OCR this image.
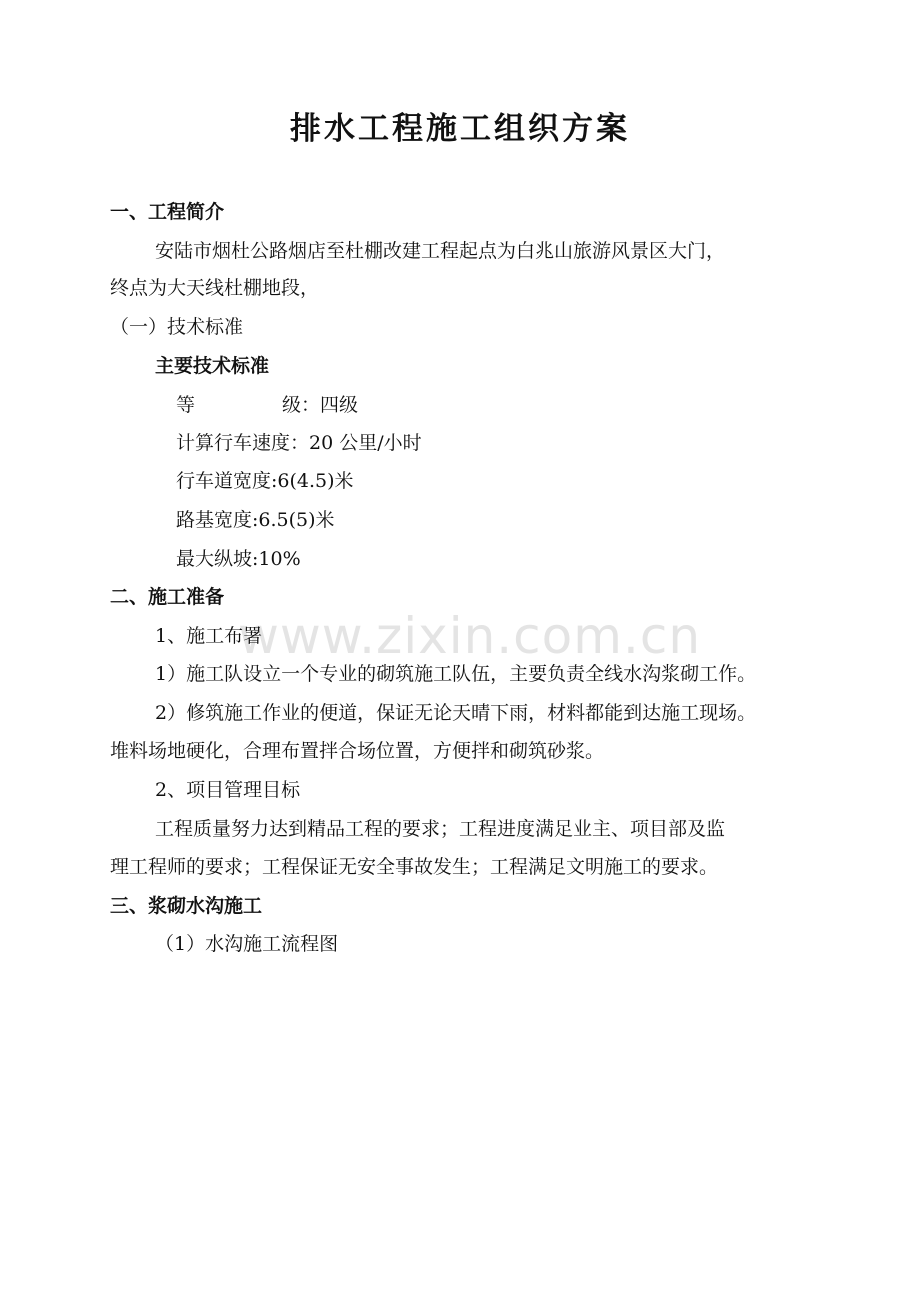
www.zixin.com.cn
排水工程施工组织方案
一、工程简介
安陆市烟杜公路烟店至杜棚改建工程起点为白兆山旅游风景区大门，
终点为大天线杜棚地段，
（一）技术标准
主要技术标准
等	级：四级
计算行车速度：20 公里/小时
行车道宽度:6(4.5)米
路基宽度:6.5(5)米
最大纵坡:10%
二、施工准备
1、施工布署
1）施工队设立一个专业的砌筑施工队伍，主要负责全线水沟浆砌工作。
2）修筑施工作业的便道，保证无论天晴下雨，材料都能到达施工现场。
堆料场地硬化，合理布置拌合场位置，方便拌和砌筑砂浆。
2、项目管理目标
工程质量努力达到精品工程的要求；工程进度满足业主、项目部及监
理工程师的要求；工程保证无安全事故发生；工程满足文明施工的要求。
三、浆砌水沟施工
（1）水沟施工流程图
